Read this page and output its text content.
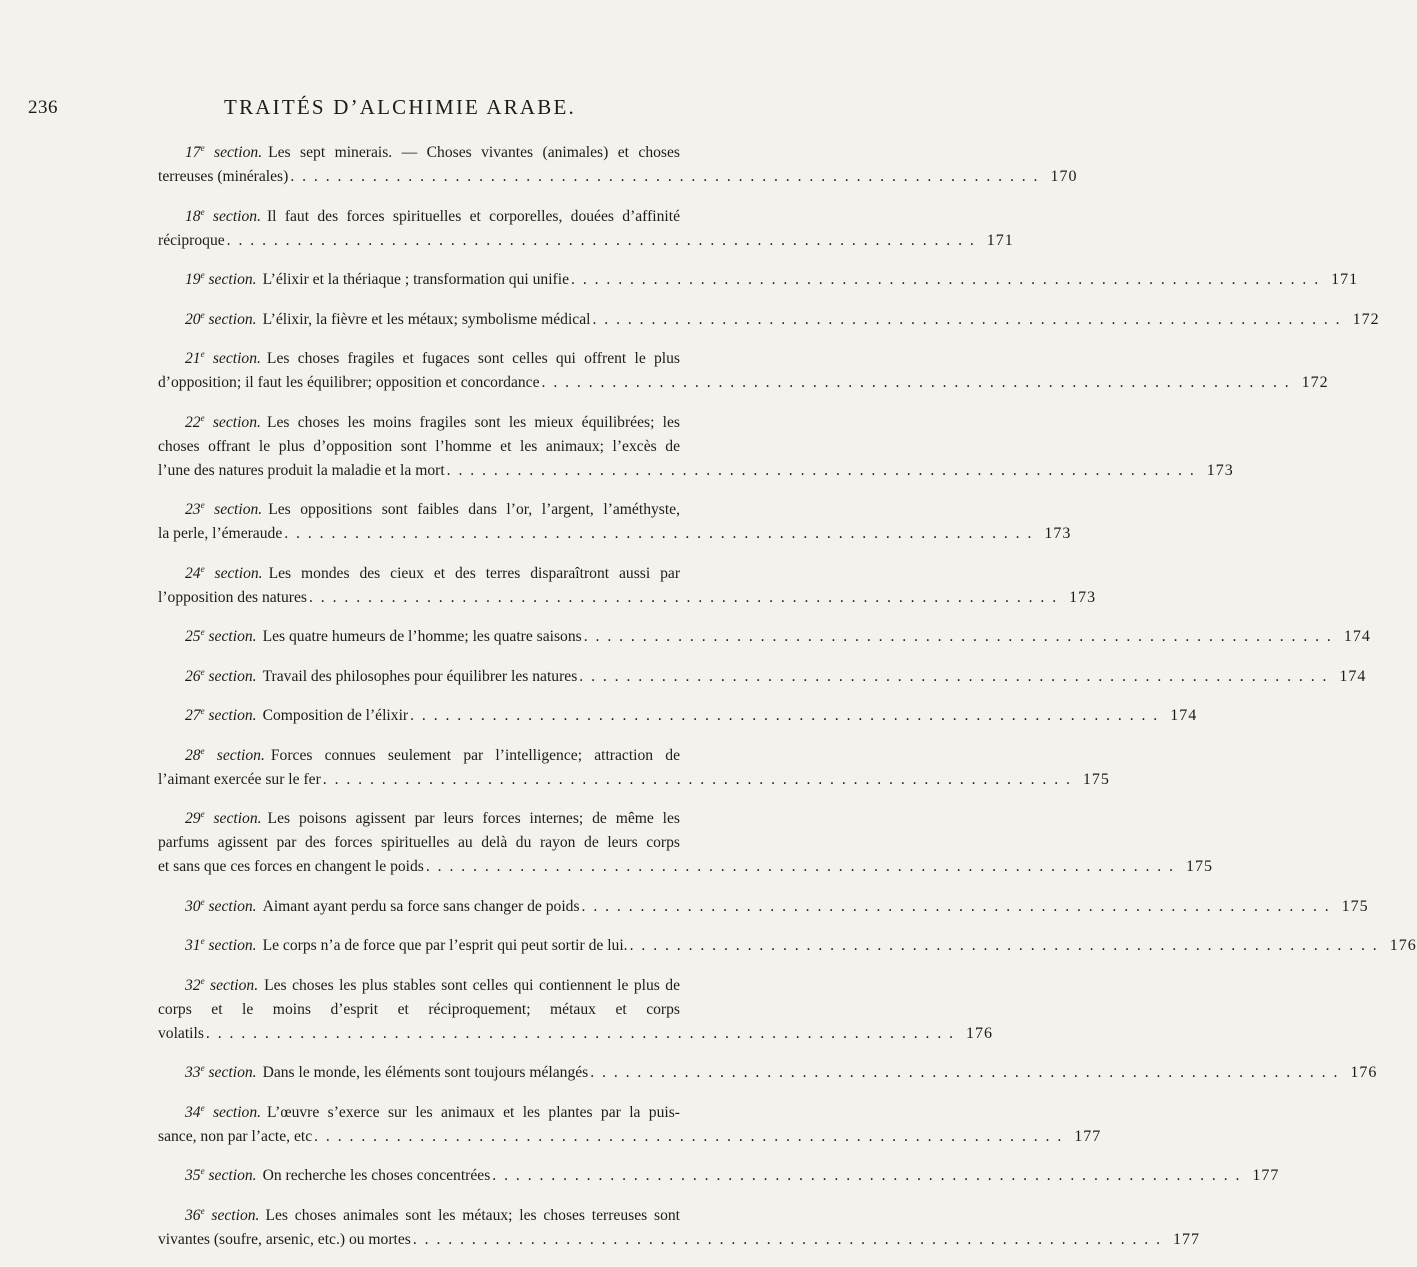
236	TRAITÉS D’ALCHIMIE ARABE.
17e section. Les sept minerais. — Choses vivantes (animales) et choses
terreuses (minérales) . . . . . . . . . . . . . . . . . . . . . . . . . . . . . . . . . . . . . . . . . . . . . . . . . . . . . . . . . . . . . . . . 170
18e section. Il faut des forces spirituelles et corporelles, douées d’affinité
réciproque . . . . . . . . . . . . . . . . . . . . . . . . . . . . . . . . . . . . . . . . . . . . . . . . . . . . . . . . . . . . . . . . 171
19e section. L’élixir et la thériaque ; transformation qui unifie . . . . . . . . . . . . . . . . . . . . . . . . . . . . . . . . . . . . . . . . . . . . . . . . . . . . . . . . . . . . . . . . 171
20e section. L’élixir, la fièvre et les métaux; symbolisme médical . . . . . . . . . . . . . . . . . . . . . . . . . . . . . . . . . . . . . . . . . . . . . . . . . . . . . . . . . . . . . . . . 172
21e section. Les choses fragiles et fugaces sont celles qui offrent le plus
d’opposition; il faut les équilibrer; opposition et concordance . . . . . . . . . . . . . . . . . . . . . . . . . . . . . . . . . . . . . . . . . . . . . . . . . . . . . . . . . . . . . . . . 172
22e section. Les choses les moins fragiles sont les mieux équilibrées; les choses offrant le plus d’opposition sont l’homme et les animaux; l’excès de
l’une des natures produit la maladie et la mort . . . . . . . . . . . . . . . . . . . . . . . . . . . . . . . . . . . . . . . . . . . . . . . . . . . . . . . . . . . . . . . . 173
23e section. Les oppositions sont faibles dans l’or, l’argent, l’améthyste,
la perle, l’émeraude . . . . . . . . . . . . . . . . . . . . . . . . . . . . . . . . . . . . . . . . . . . . . . . . . . . . . . . . . . . . . . . . 173
24e section. Les mondes des cieux et des terres disparaîtront aussi par
l’opposition des natures . . . . . . . . . . . . . . . . . . . . . . . . . . . . . . . . . . . . . . . . . . . . . . . . . . . . . . . . . . . . . . . . 173
25e section. Les quatre humeurs de l’homme; les quatre saisons . . . . . . . . . . . . . . . . . . . . . . . . . . . . . . . . . . . . . . . . . . . . . . . . . . . . . . . . . . . . . . . . 174
26e section. Travail des philosophes pour équilibrer les natures . . . . . . . . . . . . . . . . . . . . . . . . . . . . . . . . . . . . . . . . . . . . . . . . . . . . . . . . . . . . . . . . 174
27e section. Composition de l’élixir . . . . . . . . . . . . . . . . . . . . . . . . . . . . . . . . . . . . . . . . . . . . . . . . . . . . . . . . . . . . . . . . 174
28e section. Forces connues seulement par l’intelligence; attraction de
l’aimant exercée sur le fer . . . . . . . . . . . . . . . . . . . . . . . . . . . . . . . . . . . . . . . . . . . . . . . . . . . . . . . . . . . . . . . . 175
29e section. Les poisons agissent par leurs forces internes; de même les parfums agissent par des forces spirituelles au delà du rayon de leurs corps
et sans que ces forces en changent le poids . . . . . . . . . . . . . . . . . . . . . . . . . . . . . . . . . . . . . . . . . . . . . . . . . . . . . . . . . . . . . . . . 175
30e section. Aimant ayant perdu sa force sans changer de poids . . . . . . . . . . . . . . . . . . . . . . . . . . . . . . . . . . . . . . . . . . . . . . . . . . . . . . . . . . . . . . . . 175
31e section. Le corps n’a de force que par l’esprit qui peut sortir de lui. . . . . . . . . . . . . . . . . . . . . . . . . . . . . . . . . . . . . . . . . . . . . . . . . . . . . . . . . . . . . . . . . 176
32e section. Les choses les plus stables sont celles qui contiennent le plus de corps et le moins d’esprit et réciproquement; métaux et corps
volatils . . . . . . . . . . . . . . . . . . . . . . . . . . . . . . . . . . . . . . . . . . . . . . . . . . . . . . . . . . . . . . . . 176
33e section. Dans le monde, les éléments sont toujours mélangés . . . . . . . . . . . . . . . . . . . . . . . . . . . . . . . . . . . . . . . . . . . . . . . . . . . . . . . . . . . . . . . . 176
34e section. L’œuvre s’exerce sur les animaux et les plantes par la puis-
sance, non par l’acte, etc . . . . . . . . . . . . . . . . . . . . . . . . . . . . . . . . . . . . . . . . . . . . . . . . . . . . . . . . . . . . . . . . 177
35e section. On recherche les choses concentrées . . . . . . . . . . . . . . . . . . . . . . . . . . . . . . . . . . . . . . . . . . . . . . . . . . . . . . . . . . . . . . . . 177
36e section. Les choses animales sont les métaux; les choses terreuses sont
vivantes (soufre, arsenic, etc.) ou mortes . . . . . . . . . . . . . . . . . . . . . . . . . . . . . . . . . . . . . . . . . . . . . . . . . . . . . . . . . . . . . . . . 177
